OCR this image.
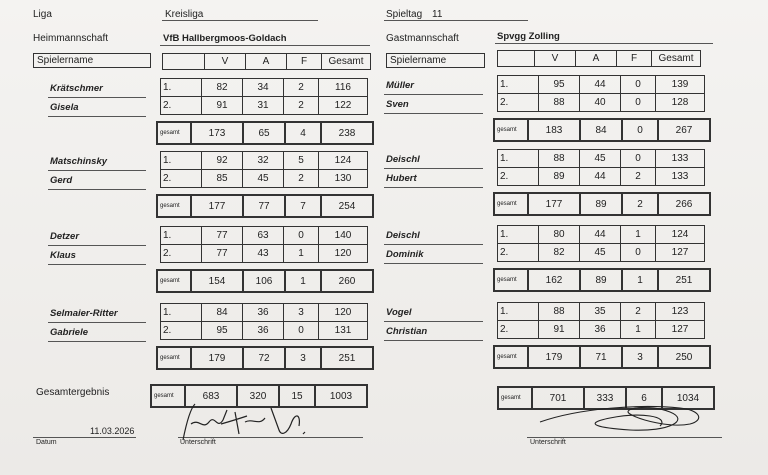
Liga	Kreisliga	Spieltag 11
Heimmannschaft	VfB Hallbergmoos-Goldach	Gastmannschaft	Spvgg Zolling
Spielername
		V	A	F	Gesamt	Spielername
		V	A	F	Gesamt
Krätschmer
Gisela
1.	82	34	2	116
2.	91	31	2	122
gesamt	173	65	4	238
Matschinsky
Gerd
1.	92	32	5	124
2.	85	45	2	130
gesamt	177	77	7	254
Detzer
Klaus
1.	77	63	0	140
2.	77	43	1	120
gesamt	154	106	1	260
Selmaier-Ritter
Gabriele
1.	84	36	3	120
2.	95	36	0	131
gesamt	179	72	3	251
Müller
Sven
1.	95	44	0	139
2.	88	40	0	128
gesamt	183	84	0	267
Deischl
Hubert
1.	88	45	0	133
2.	89	44	2	133
gesamt	177	89	2	266
Deischl
Dominik
1.	80	44	1	124
2.	82	45	0	127
gesamt	162	89	1	251
Vogel
Christian
1.	88	35	2	123
2.	91	36	1	127
gesamt	179	71	3	250
Gesamtergebnis	gesamt	683	320	15	1003	gesamt	701	333	6	1034
11.03.2026
Datum	Unterschrift	Unterschrift
